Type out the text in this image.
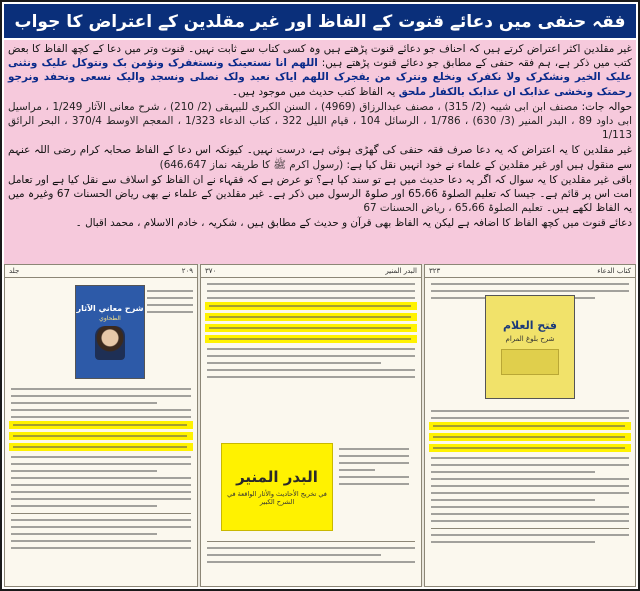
فقہ حنفی میں دعائے قنوت کے الفاظ اور غیر مقلدین کے اعتراض کا جواب

غیر مقلدین اکثر اعتراض کرتے ہیں کہ احناف جو دعائے قنوت پڑھتے ہیں وہ کسی کتاب سے ثابت نہیں۔ قنوت وتر میں دعا کے کچھ الفاظ کا بعض کتب میں ذکر ہے، ہم فقہ حنفی کے مطابق جو دعائے قنوت پڑھتے ہیں: اللھم انا نستعینک ونستغفرک ونؤمن بک ونتوکل علیک ونثنی علیک الخیر ونشکرک ولا نکفرک ونخلع ونترک من یفجرک اللھم ایاک نعبد ولک نصلی ونسجد والیک نسعی ونحفد ونرجو رحمتک ونخشی عذابک ان عذابک بالکفار ملحق یہ الفاظ کتب حدیث میں موجود ہیں۔

حوالہ جات: مصنف ابن ابی شیبہ (2/ 315) ، مصنف عبدالرزاق (4969) ، السنن الکبری للبیہقی (2/ 210) ، شرح معانی الآثار 1/249 ، مراسیل ابی داود 89 ، البدر المنیر (3/ 630) ، 1/786 ، الرسائل 104 ، قیام اللیل 322 ، کتاب الدعاء 1/323 ، المعجم الاوسط 370/4 ، البحر الرائق 1/113

غیر مقلدین کا یہ اعتراض کہ یہ دعا صرف فقہ حنفی کی گھڑی ہوئی ہے، درست نہیں۔ کیونکہ اس دعا کے الفاظ صحابہ کرام رضی اللہ عنہم سے منقول ہیں اور غیر مقلدین کے علماء نے خود انہیں نقل کیا ہے: (رسول اکرم ﷺ کا طریقہ نماز 646،647)

باقی غیر مقلدین کا یہ سوال کہ اگر یہ دعا حدیث میں ہے تو سند کیا ہے؟ تو عرض ہے کہ فقہاء نے ان الفاظ کو اسلاف سے نقل کیا ہے اور تعامل امت اس پر قائم ہے۔ جیسا کہ تعلیم الصلوۃ 65،66 اور صلوۃ الرسول میں ذکر ہے۔ غیر مقلدین کے علماء نے بھی ریاض الحسنات 67 وغیرہ میں یہ الفاظ لکھے ہیں۔ تعلیم الصلوۃ 65،66 ، ریاض الحسنات 67

دعائے قنوت میں کچھ الفاظ کا اضافہ ہے لیکن یہ الفاظ بھی قرآن و حدیث کے مطابق ہیں ، شکریہ ، خادم الاسلام ، محمد اقبال ۔

کتاب الدعاء
٣٢٣
فتح العلام
شرح بلوغ المرام
البدر المنیر
٣٧٠
البدر المنير
في تخريج الأحاديث والأثار الواقعة في الشرح الكبير
٢٠٩
جلد
شرح معاني الآثار
الطحاوي
